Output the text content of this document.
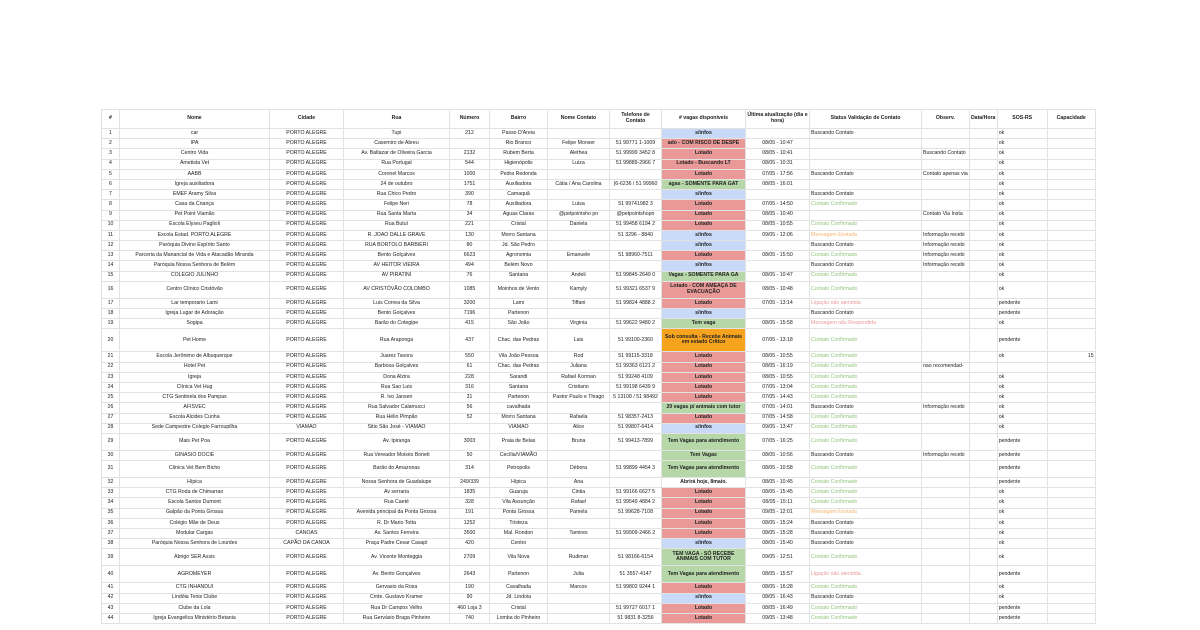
#	Nome	Cidade	Rua	Número	Bairro	Nome Contato	Telefone de Contato	# vagas disponíveis	Última atualização (dia e hora)	Status Validação de Contato	Observ.	Data/Hora	SOS-RS	Capacidade
1	car	PORTO ALEGRE	Tupi	212	Passo D'Areia			s/infos		Buscando Contato			ok	
2	IPA	PORTO ALEGRE	Casemiro de Abreu		Rio Branco	Felipe Monser	51 99771 1-1009	ado - COM RISCO DE DESPE	08/05 - 10:47				ok	
3	Centro Vida	PORTO ALEGRE	Av. Baltazar de Oliveira Garcia	2132	Rubem Berta	Alethea	51 99999 3452 8	Lotado	08/05 - 10:41		Buscando Contato		ok	
4	Ametista Vet	PORTO ALEGRE	Rua Portugal	544	Higienópolis	Luiza	51 99889-2966 7	Lotado - Buscando LT	08/05 - 10:31				ok	
5	AABB	PORTO ALEGRE	Coronel Marcos	1000	Pedra Redonda			Lotado	07/05 - 17:56	Buscando Contato	Contato apenas via		ok	
6	Igreja auxiliadora	PORTO ALEGRE	24 de outubro	1751	Auxiliadora	Cátia / Ana Carolina	)6-6236 / 51 99960	agas - SOMENTE PARA GAT	08/05 - 16:01				ok	
7	EMEF Aramy Silva	PORTO ALEGRE	Rua Chico Pedro	390	Camaquã			s/infos		Buscando Contato			ok	
8	Casa da Criança	PORTO ALEGRE	Felipe Neri	78	Auxiliadora	Luisa	51 99741982 3	Lotado	07/05 - 14:50	Contato Confirmado			ok	
9	Pet Point Viamão	PORTO ALEGRE	Rua Santa Marta	34	Aguas Claras	@petpointsho pn	@petpointshopn	Lotado	08/05 - 10:40		Contato Via Insta		ok	
10	Escola Elyseu Paglioli	PORTO ALEGRE	Rua Butuí	221	Cristal	Daniela	51 99458 6194 2	Lotado	08/05 - 10:55	Contato Confirmado			ok	
11	Escola Estad. PORTO ALEGRE	PORTO ALEGRE	R. JOAO DALLE GRAVE	130	Morro Santana		51 3296 - 8840	s/infos	09/05 - 12:06	Mensagem Enviada	Informação recebi		ok	
12	Paróquia Divino Espírito Santo	PORTO ALEGRE	RUA BORTOLO BARBIERI	80	Jd. São Pedro			s/infos		Buscando Contato	Informação recebi		ok	
13	Parceria da Manancial de Vida e Atacadão Miranda	PORTO ALEGRE	Bento Golçalves	6623	Agronomia	Emanuele	51 98960-7511	Lotado	08/05 - 15:50	Contato Confirmado	Informação recebi		ok	
14	Paróquia Nossa Senhora de Belém	PORTO ALEGRE	AV HEITOR VIEIRA	494	Belém Novo			s/infos		Buscando Contato	Informação recebi		ok	
15	COLEGIO JULINHO	PORTO ALEGRE	AV PIRATINI	76	Santana	Andeli	51 99845-2649 0	Vagas - SOMENTE PARA GA	08/05 - 10:47	Contato Confirmado			ok	
16	Centro Clínico Cristóvão	PORTO ALEGRE	AV CRISTÓVÃO COLOMBO	1085	Moinhos de Vento	Kamyly	51 99321 6537 9	Lotado - COM AMEAÇA DE EVACUAÇÃO	08/05 - 10:48	Contato Confirmado			ok	
17	Lar temporario Lami	PORTO ALEGRE	Luis Correa da Silva	3200	Lami	Tiffani	51 99824 4888 2	Lotado	07/05 - 13:14	Ligação não atendida			pendente	
18	Igreja Lugar de Adoração	PORTO ALEGRE	Bento Golçalves	7196	Partenon			s/infos		Buscando Contato			pendente	
19	Sogipa	PORTO ALEGRE	Barão do Cotegipe	415	São João	Virginia	51 99622 9480 2	Tem vaga	08/05 - 15:58	Mensagem não Respondida			ok	
20	Pet Home	PORTO ALEGRE	Rua Araponga	437	Chac. das Pedras	Lais	51 99100-2360	Sob consulta - Recebe Animais em estado Crítico	07/05 - 13:18	Contato Confirmado			pendente	
21	Escola Jerônimo de Albuquerque	PORTO ALEGRE	Juarez Tavora	550	Vila João Pessoa	Rod	51 99115-3318	Lotado	08/05 - 10:55	Contato Confirmado			ok	15
22	Hotel Pet	PORTO ALEGRE	Barbosa Golçalves	61	Chac. das Pedras	Juliana	51 99363 6121 2	Lotado	08/05 - 16:19	Contato Confirmado	nao recomendad-			
23	Igreja	PORTO ALEGRE	Dona Alzira	228	Sarandi	Rafael Korman	51 99248 4109	Lotado	08/05 - 10:55	Contato Confirmado			ok	
24	Clínica Vet Hug	PORTO ALEGRE	Rua Sao Luis	316	Santana	Cristiano	51 99198 6439 9	Lotado	07/05 - 13:04	Contato Confirmado			ok	
25	CTG Sentinela dos Pampas	PORTO ALEGRE	R. Ivo Jansen	31	Partenon	Pastor Paulo e Thiago	5 13108 / 51 98492	Lotado	07/05 - 14:43	Contato Confirmado			ok	
26	AFISVEC	PORTO ALEGRE	Rua Salvador Calamucci	56	cavalhada			20 vagas p/ animais com tutor	07/05 - 14:01	Buscando Contato	Informação recebi		ok	
27	Escola Alcides Cunha	PORTO ALEGRE	Rua Hélio Pimpão	52	Morro Santana	Rafaela	51 98357-2413	Lotado	07/05 - 14:58	Contato Confirmado			ok	
28	Sede Campestre Colegio Farroupilha	VIAMÃO	Sitio São José - VIAMÃO		VIAMÃO	Alice	51 99807-6414	s/infos	09/05 - 13:47	Contato Confirmado			ok	
29	Mais Pet Poa	PORTO ALEGRE	Av. Ipiranga	3003	Praia de Belas	Bruna	51 99413-7899	Tem Vagas para atendimento	07/05 - 16:25	Contato Confirmado			pendente	
30	GINASIO DOCIE	PORTO ALEGRE	Rua Vereador Moisés Boneti	50	Cecília/VIAMÃO			Tem Vagas	08/05 - 10:56	Buscando Contato	Informação recebi		pendente	
31	Clínica Vet Bem Bicho	PORTO ALEGRE	Barão do Amazonas	314	Petropolis	Débora	51 99899 4454 3	Tem Vagas para atendimento	08/05 - 10:58	Contato Confirmado			pendente	
32	Hípica	PORTO ALEGRE	Nossa Senhora de Guadalupe	249/339	Hípica	Ana		Abrirá hoje, 8maio.	08/05 - 10:45	Contato Confirmado			pendente	
33	CTG Roda de Chimarrao	PORTO ALEGRE	Av serraria	1835	Guaruja	Cintia	51 99166 6627 5	Lotado	08/05 - 15:45	Contato Confirmado			ok	
34	Escola Santos Dumont	PORTO ALEGRE	Rua Caeté	328	Vila Assunção	Rafael	51 99549 4884 2	Lotado	08/05 - 15:11	Contato Confirmado			ok	
35	Galpão da Ponta Grossa	PORTO ALEGRE	Avenida principal da Ponta Grossa	191	Ponta Grossa	Pamela	51 99628-7108	Lotado	09/05 - 12:01	Mensagem Enviada			ok	
36	Colégio Mãe de Deus	PORTO ALEGRE	R. Dr Mario Totta	1252	Tristeza			Lotado	08/05 - 15:24	Buscando Contato			ok	
37	Modular Cargas	CANOAS	Av. Santos Ferreira	3500	Mal. Rondon	Tamires	51 99909-2466 2	Lotado	08/05 - 15:28	Buscando Contato			ok	
38	Paróquia Nossa Senhora de Lourdes	CAPÃO DA CANOA	Praça Padre Cesar Casapl	420	Centro			s/infos	08/05 - 15:40	Buscando Contato			ok	
39	Abrigo SER Assis	PORTO ALEGRE	Av. Vicente Monteggia	2709	Vila Nova	Rudimar	51 98166-6154	TEM VAGA - SÓ RECEBE ANIMAIS COM TUTOR	09/05 - 12:51	Contato Confirmado			ok	
40	AGROMEYER	PORTO ALEGRE	Av. Bento Gonçalves	2643	Partenon	Julia	51 3557-4147	Tem Vagas para atendimento	08/05 - 15:57	Ligação não atendida			pendente	
41	CTG INHANDUI	PORTO ALEGRE	Gervasio da Rosa	190	Cavalhada	Marcos	51 99802 9244 1	Lotado	08/05 - 16:28	Contato Confirmado			ok	
42	Lindóia Tenis Clube	PORTO ALEGRE	Cmte. Gustavo Kramer	90	Jd. Lindoia			s/infos	08/05 - 16:43	Buscando Contato			ok	
43	Clube da Lola	PORTO ALEGRE	Rua Dr Campos Velho	460 Loja 3	Cristal		51 99727 6017 1	Lotado	08/05 - 16:49	Contato Confirmado			pendente	
44	Igreja Evangelica Ministério Betania	PORTO ALEGRE	Rua Gervásio Braga Pinheiro	740	Lomba do Pinheiro		51 9831 8-3256	Lotado	09/05 - 13:48	Contato Confirmado			pendente	
